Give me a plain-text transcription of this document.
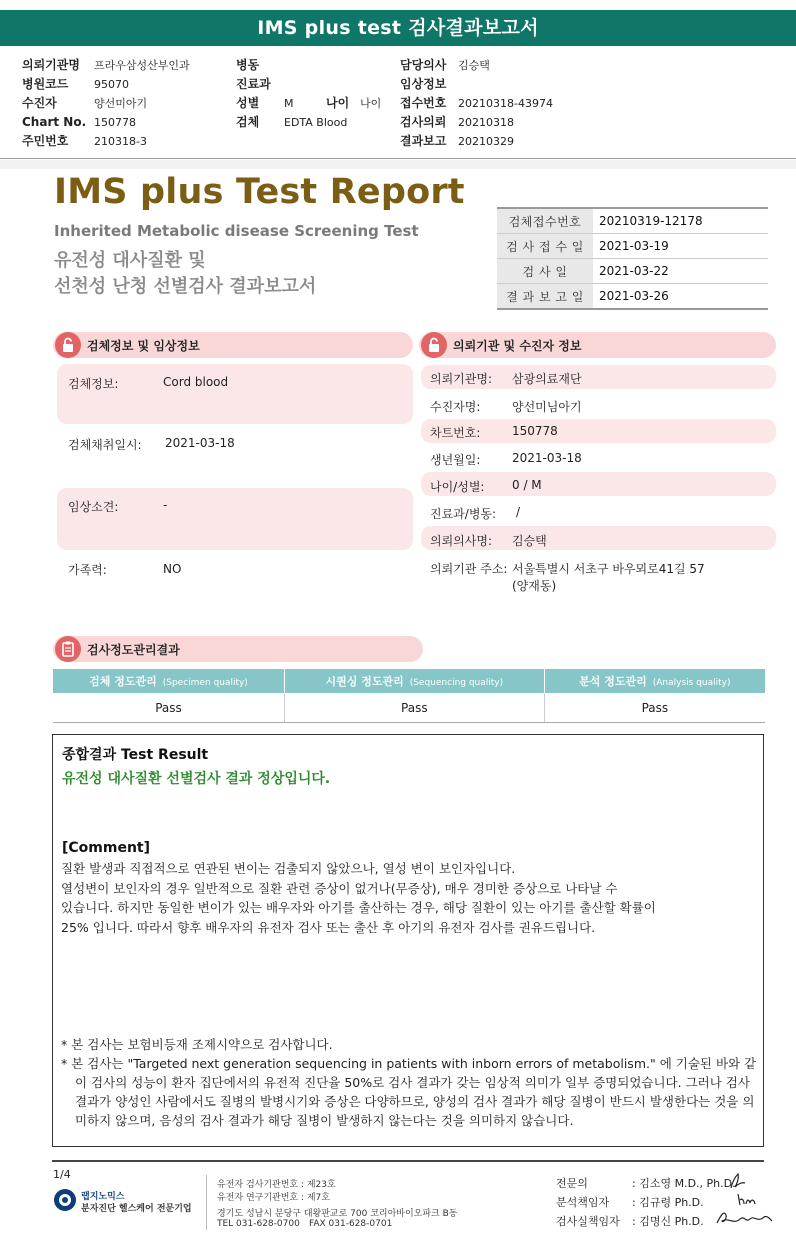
IMS plus test 검사결과보고서
의뢰기관명 프라우삼성산부인과
병원코드 95070
수진자	양선미아기
Chart No. 150778
주민번호 210318-3
병동
진료과
성별 M	나이 나이
검체 EDTA Blood
담당의사 김승택
임상정보
접수번호 20210318-43974
검사의뢰 20210318
결과보고 20210329
IMS plus Test Report
Inherited Metabolic disease Screening Test
유전성 대사질환 및
선천성 난청 선별검사 결과보고서
검체접수번호	20210319-12178
검 사 접 수 일	2021-03-19
검 사 일	2021-03-22
결 과 보 고 일	2021-03-26
검체정보 및 임상정보	의뢰기관 및 수진자 정보
검체정보:	Cord blood
검체채취일시: 2021-03-18
임상소견:	-
가족력:	NO
의뢰기관명: 삼광의료재단
수진자명:	양선미님아기
차트번호:	150778
생년월일:	2021-03-18
나이/성별: 0 / M
진료과/병동: /
의뢰의사명: 김승택
의뢰기관 주소: 서울특별시 서초구 바우뫼로41길 57
(양재동)
검사정도관리결과
검체 정도관리 (Specimen quality)	시퀀싱 정도관리 (Sequencing quality)	분석 정도관리 (Analysis quality)
Pass	Pass	Pass
종합결과 Test Result
유전성 대사질환 선별검사 결과 정상입니다.
[Comment]
질환 발생과 직접적으로 연관된 변이는 검출되지 않았으나, 열성 변이 보인자입니다.
열성변이 보인자의 경우 일반적으로 질환 관련 증상이 없거나(무증상), 매우 경미한 증상으로 나타날 수
있습니다. 하지만 동일한 변이가 있는 배우자와 아기를 출산하는 경우, 해당 질환이 있는 아기를 출산할 확률이
25% 입니다. 따라서 향후 배우자의 유전자 검사 또는 출산 후 아기의 유전자 검사를 권유드립니다.
* 본 검사는 보험비등재 조제시약으로 검사합니다.
* 본 검사는 "Targeted next generation sequencing in patients with inborn errors of metabolism." 에 기술된 바와 같이 검사의 성능이 환자 집단에서의 유전적 진단율 50%로 검사 결과가 갖는 임상적 의미가 일부 증명되었습니다. 그러나 검사 결과가 양성인 사람에서도 질병의 발병시기와 증상은 다양하므로, 양성의 검사 결과가 해당 질병이 반드시 발생한다는 것을 의미하지 않으며, 음성의 검사 결과가 해당 질병이 발생하지 않는다는 것을 의미하지 않습니다.
1/4
랩지노믹스
분자진단 헬스케어 전문기업
유전자 검사기관번호 : 제23호
유전자 연구기관번호 : 제7호
경기도 성남시 분당구 대왕판교로 700 코리아바이오파크 B동
TEL 031-628-0700 FAX 031-628-0701
전문의	: 김소영 M.D., Ph.D.
분석책임자 : 김규령 Ph.D.
검사실책임자 : 김명신 Ph.D.
